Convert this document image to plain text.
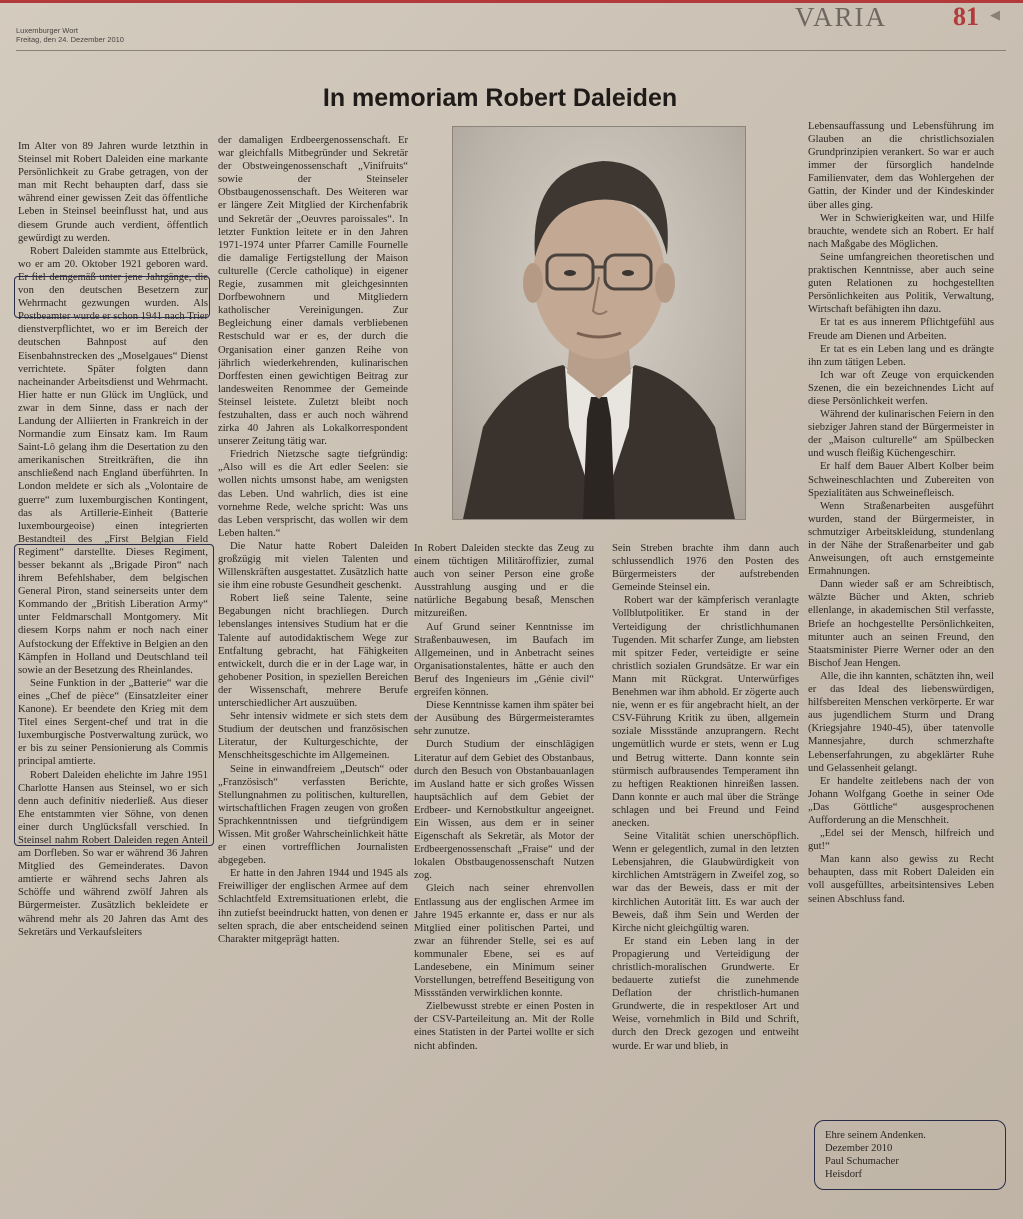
Luxemburger Wort
Freitag, den 24. Dezember 2010
VARIA	81 ◀
In memoriam Robert Daleiden

Im Alter von 89 Jahren wurde letzthin in Steinsel mit Robert Daleiden eine markante Persönlichkeit zu Grabe getragen, von der man mit Recht behaupten darf, dass sie während einer gewissen Zeit das öffentliche Leben in Steinsel beeinflusst hat, und aus diesem Grunde auch verdient, öffentlich gewürdigt zu werden.

Robert Daleiden stammte aus Ettelbrück, wo er am 20. Oktober 1921 geboren ward. Er fiel demgemäß unter jene Jahrgänge, die von den deutschen Besetzern zur Wehrmacht gezwungen wurden. Als Postbeamter wurde er schon 1941 nach Trier dienstverpflichtet, wo er im Bereich der deutschen Bahnpost auf den Eisenbahnstrecken des „Moselgaues“ Dienst verrichtete. Später folgten dann nacheinander Arbeitsdienst und Wehrmacht. Hier hatte er nun Glück im Unglück, und zwar in dem Sinne, dass er nach der Landung der Alliierten in Frankreich in der Normandie zum Einsatz kam. Im Raum Saint-Lô gelang ihm die Desertation zu den amerikanischen Streitkräften, die ihn anschließend nach England überführten. In London meldete er sich als „Volontaire de guerre“ zum luxemburgischen Kontingent, das als Artillerie-Einheit (Batterie luxembourgeoise) einen integrierten Bestandteil des „First Belgian Field Regiment“ darstellte. Dieses Regiment, besser bekannt als „Brigade Piron“ nach ihrem Befehlshaber, dem belgischen General Piron, stand seinerseits unter dem Kommando der „British Liberation Army“ unter Feldmarschall Montgomery. Mit diesem Korps nahm er noch nach einer Aufstockung der Effektive in Belgien an den Kämpfen in Holland und Deutschland teil sowie an der Besetzung des Rheinlandes.

Seine Funktion in der „Batterie“ war die eines „Chef de pièce“ (Einsatzleiter einer Kanone). Er beendete den Krieg mit dem Titel eines Sergent-chef und trat in die luxemburgische Postverwaltung zurück, wo er bis zu seiner Pensionierung als Commis principal amtierte.

Robert Daleiden ehelichte im Jahre 1951 Charlotte Hansen aus Steinsel, wo er sich denn auch definitiv niederließ. Aus dieser Ehe entstammten vier Söhne, von denen einer durch Unglücksfall verschied. In Steinsel nahm Robert Daleiden regen Anteil am Dorfleben. So war er während 36 Jahren Mitglied des Gemeinderates. Davon amtierte er während sechs Jahren als Schöffe und während zwölf Jahren als Bürgermeister. Zusätzlich bekleidete er während mehr als 20 Jahren das Amt des Sekretärs und Verkaufsleiters

der damaligen Erdbeergenossenschaft. Er war gleichfalls Mitbegründer und Sekretär der Obstweingenossenschaft „Vinifruits“ sowie der Steinseler Obstbaugenossenschaft. Des Weiteren war er längere Zeit Mitglied der Kirchenfabrik und Sekretär der „Oeuvres paroissales“. In letzter Funktion leitete er in den Jahren 1971-1974 unter Pfarrer Camille Fournelle die damalige Fertigstellung der Maison culturelle (Cercle catholique) in eigener Regie, zusammen mit gleichgesinnten Dorfbewohnern und Mitgliedern katholischer Vereinigungen. Zur Begleichung einer damals verbliebenen Restschuld war er es, der durch die Organisation einer ganzen Reihe von jährlich wiederkehrenden, kulinarischen Dorffesten einen gewichtigen Beitrag zur landesweiten Renommee der Gemeinde Steinsel leistete. Zuletzt bleibt noch festzuhalten, dass er auch noch während zirka 40 Jahren als Lokalkorrespondent unserer Zeitung tätig war.

Friedrich Nietzsche sagte tiefgründig: „Also will es die Art edler Seelen: sie wollen nichts umsonst habe, am wenigsten das Leben. Und wahrlich, dies ist eine vornehme Rede, welche spricht: Was uns das Leben versprischt, das wollen wir dem Leben halten.“

Die Natur hatte Robert Daleiden großzügig mit vielen Talenten und Willenskräften ausgestattet. Zusätzlich hatte sie ihm eine robuste Gesundheit geschenkt.

Robert ließ seine Talente, seine Begabungen nicht brachliegen. Durch lebenslanges intensives Studium hat er die Talente auf autodidaktischem Wege zur Entfaltung gebracht, hat Fähigkeiten entwickelt, durch die er in der Lage war, in gehobener Position, in speziellen Bereichen der Wissenschaft, mehrere Berufe unterschiedlicher Art auszuüben.

Sehr intensiv widmete er sich stets dem Studium der deutschen und französischen Literatur, der Kulturgeschichte, der Menschheitsgeschichte im Allgemeinen.

Seine in einwandfreiem „Deutsch“ oder „Französisch“ verfassten Berichte, Stellungnahmen zu politischen, kulturellen, wirtschaftlichen Fragen zeugen von großen Sprachkenntnissen und tiefgründigem Wissen. Mit großer Wahrscheinlichkeit hätte er einen vortrefflichen Journalisten abgegeben.

Er hatte in den Jahren 1944 und 1945 als Freiwilliger der englischen Armee auf dem Schlachtfeld Extremsituationen erlebt, die ihn zutiefst beeindruckt hatten, von denen er selten sprach, die aber entscheidend seinen Charakter mitgeprägt hatten.

In Robert Daleiden steckte das Zeug zu einem tüchtigen Militäroffizier, zumal auch von seiner Person eine große Ausstrahlung ausging und er die natürliche Begabung besaß, Menschen mitzureißen.

Auf Grund seiner Kenntnisse im Straßenbauwesen, im Baufach im Allgemeinen, und in Anbetracht seines Organisationstalentes, hätte er auch den Beruf des Ingenieurs im „Génie civil“ ergreifen können.

Diese Kenntnisse kamen ihm später bei der Ausübung des Bürgermeisteramtes sehr zunutze.

Durch Studium der einschlägigen Literatur auf dem Gebiet des Obstanbaus, durch den Besuch von Obstanbauanlagen im Ausland hatte er sich großes Wissen hauptsächlich auf dem Gebiet der Erdbeer- und Kernobstkultur angeeignet. Ein Wissen, aus dem er in seiner Eigenschaft als Sekretär, als Motor der Erdbeergenossenschaft „Fraise“ und der lokalen Obstbaugenossenschaft Nutzen zog.

Gleich nach seiner ehrenvollen Entlassung aus der englischen Armee im Jahre 1945 erkannte er, dass er nur als Mitglied einer politischen Partei, und zwar an führender Stelle, sei es auf kommunaler Ebene, sei es auf Landesebene, ein Minimum seiner Vorstellungen, betreffend Beseitigung von Missständen verwirklichen konnte.

Zielbewusst strebte er einen Posten in der CSV-Parteileitung an. Mit der Rolle eines Statisten in der Partei wollte er sich nicht abfinden.

Sein Streben brachte ihm dann auch schlussendlich 1976 den Posten des Bürgermeisters der aufstrebenden Gemeinde Steinsel ein.

Robert war der kämpferisch veranlagte Vollblutpolitiker. Er stand in der Verteidigung der christlichhumanen Tugenden. Mit scharfer Zunge, am liebsten mit spitzer Feder, verteidigte er seine christlich sozialen Grundsätze. Er war ein Mann mit Rückgrat. Unterwürfiges Benehmen war ihm abhold. Er zögerte auch nie, wenn er es für angebracht hielt, an der CSV-Führung Kritik zu üben, allgemein soziale Missstände anzuprangern. Recht ungemütlich wurde er stets, wenn er Lug und Betrug witterte. Dann konnte sein stürmisch aufbrausendes Temperament ihn zu heftigen Reaktionen hinreißen lassen. Dann konnte er auch mal über die Stränge schlagen und bei Freund und Feind anecken.

Seine Vitalität schien unerschöpflich. Wenn er gelegentlich, zumal in den letzten Lebensjahren, die Glaubwürdigkeit von kirchlichen Amtsträgern in Zweifel zog, so war das der Beweis, dass er mit der kirchlichen Autorität litt. Es war auch der Beweis, daß ihm Sein und Werden der Kirche nicht gleichgültig waren.

Er stand ein Leben lang in der Propagierung und Verteidigung der christlich-moralischen Grundwerte. Er bedauerte zutiefst die zunehmende Deflation der christlich-humanen Grundwerte, die in respektloser Art und Weise, vornehmlich in Bild und Schrift, durch den Dreck gezogen und entweiht wurde. Er war und blieb, in

Lebensauffassung und Lebensführung im Glauben an die christlichsozialen Grundprinzipien verankert. So war er auch immer der fürsorglich handelnde Familienvater, dem das Wohlergehen der Gattin, der Kinder und der Kindeskinder über alles ging.

Wer in Schwierigkeiten war, und Hilfe brauchte, wendete sich an Robert. Er half nach Maßgabe des Möglichen.

Seine umfangreichen theoretischen und praktischen Kenntnisse, aber auch seine guten Relationen zu hochgestellten Persönlichkeiten aus Politik, Verwaltung, Wirtschaft befähigten ihn dazu.

Er tat es aus innerem Pflichtgefühl aus Freude am Dienen und Arbeiten.

Er tat es ein Leben lang und es drängte ihn zum tätigen Leben.

Ich war oft Zeuge von erquickenden Szenen, die ein bezeichnendes Licht auf diese Persönlichkeit werfen.

Während der kulinarischen Feiern in den siebziger Jahren stand der Bürgermeister in der „Maison culturelle“ am Spülbecken und wusch fleißig Küchengeschirr.

Er half dem Bauer Albert Kolber beim Schweineschlachten und Zubereiten von Spezialitäten aus Schweinefleisch.

Wenn Straßenarbeiten ausgeführt wurden, stand der Bürgermeister, in schmutziger Arbeitskleidung, stundenlang in der Nähe der Straßenarbeiter und gab Anweisungen, oft auch ernstgemeinte Ermahnungen.

Dann wieder saß er am Schreibtisch, wälzte Bücher und Akten, schrieb ellenlange, in akademischen Stil verfasste, Briefe an hochgestellte Persönlichkeiten, mitunter auch an seinen Freund, den Staatsminister Pierre Werner oder an den Bischof Jean Hengen.

Alle, die ihn kannten, schätzten ihn, weil er das Ideal des liebenswürdigen, hilfsbereiten Menschen verkörperte. Er war aus jugendlichem Sturm und Drang (Kriegsjahre 1940-45), über tatenvolle Mannesjahre, durch schmerzhafte Lebenserfahrungen, zu abgeklärter Ruhe und Gelassenheit gelangt.

Er handelte zeitlebens nach der von Johann Wolfgang Goethe in seiner Ode „Das Göttliche“ ausgesprochenen Aufforderung an die Menschheit.

„Edel sei der Mensch, hilfreich und gut!“

Man kann also gewiss zu Recht behaupten, dass mit Robert Daleiden ein voll ausgefülltes, arbeitsintensives Leben seinen Abschluss fand.

Ehre seinem Andenken.
Dezember 2010
Paul Schumacher
Heisdorf
